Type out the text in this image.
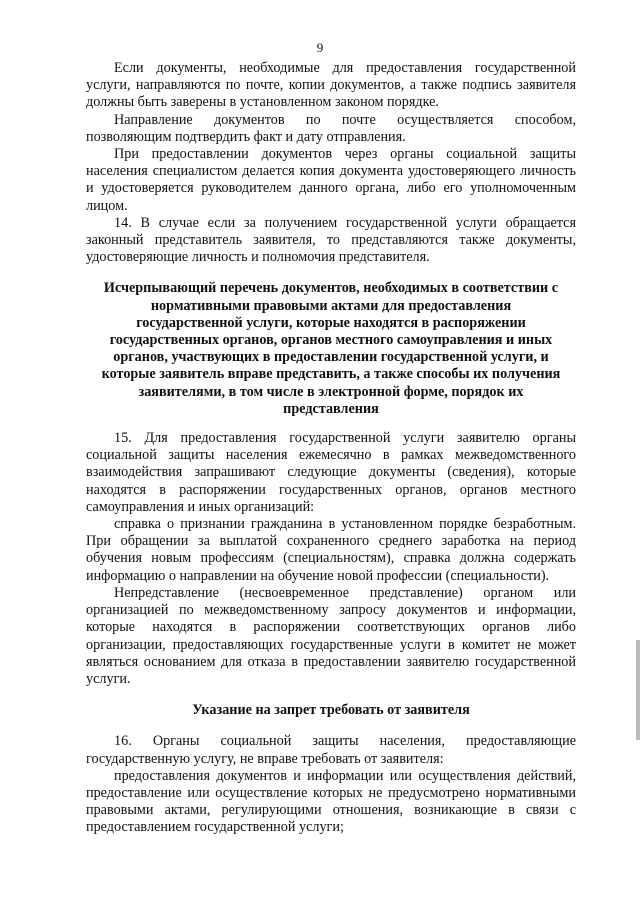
9

Если документы, необходимые для предоставления государственной услуги, направляются по почте, копии документов, а также подпись заявителя должны быть заверены в установленном законом порядке.

Направление документов по почте осуществляется способом, позволяющим подтвердить факт и дату отправления.

При предоставлении документов через органы социальной защиты населения специалистом делается копия документа удостоверяющего личность и удостоверяется руководителем данного органа, либо его уполномоченным лицом.

14. В случае если за получением государственной услуги обращается законный представитель заявителя, то представляются также документы, удостоверяющие личность и полномочия представителя.

Исчерпывающий перечень документов, необходимых в соответствии с нормативными правовыми актами для предоставления государственной услуги, которые находятся в распоряжении государственных органов, органов местного самоуправления и иных органов, участвующих в предоставлении государственной услуги, и которые заявитель вправе представить, а также способы их получения заявителями, в том числе в электронной форме, порядок их представления

15. Для предоставления государственной услуги заявителю органы социальной защиты населения ежемесячно в рамках межведомственного взаимодействия запрашивают следующие документы (сведения), которые находятся в распоряжении государственных органов, органов местного самоуправления и иных организаций:

справка о признании гражданина в установленном порядке безработным. При обращении за выплатой сохраненного среднего заработка на период обучения новым профессиям (специальностям), справка должна содержать информацию о направлении на обучение новой профессии (специальности).

Непредставление (несвоевременное представление) органом или организацией по межведомственному запросу документов и информации, которые находятся в распоряжении соответствующих органов либо организации, предоставляющих государственные услуги в комитет не может являться основанием для отказа в предоставлении заявителю государственной услуги.

Указание на запрет требовать от заявителя

16. Органы социальной защиты населения, предоставляющие государственную услугу, не вправе требовать от заявителя:

предоставления документов и информации или осуществления действий, предоставление или осуществление которых не предусмотрено нормативными правовыми актами, регулирующими отношения, возникающие в связи с предоставлением государственной услуги;
